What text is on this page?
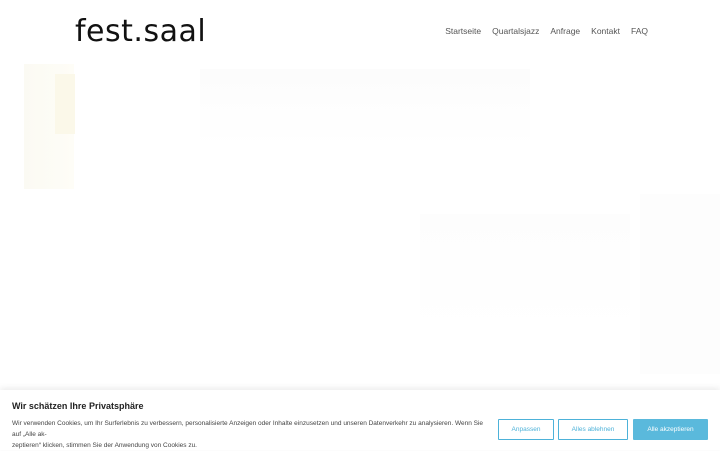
fest.saal	Startseite Quartalsjazz Anfrage Kontakt FAQ
Wir schätzen Ihre Privatsphäre
Wir verwenden Cookies, um Ihr Surferlebnis zu verbessern, personalisierte Anzeigen oder Inhalte einzusetzen und unseren Datenverkehr zu analysieren. Wenn Sie auf „Alle ak-
zeptieren“ klicken, stimmen Sie der Anwendung von Cookies zu.
Anpassen	Alles ablehnen	Alle akzeptieren
